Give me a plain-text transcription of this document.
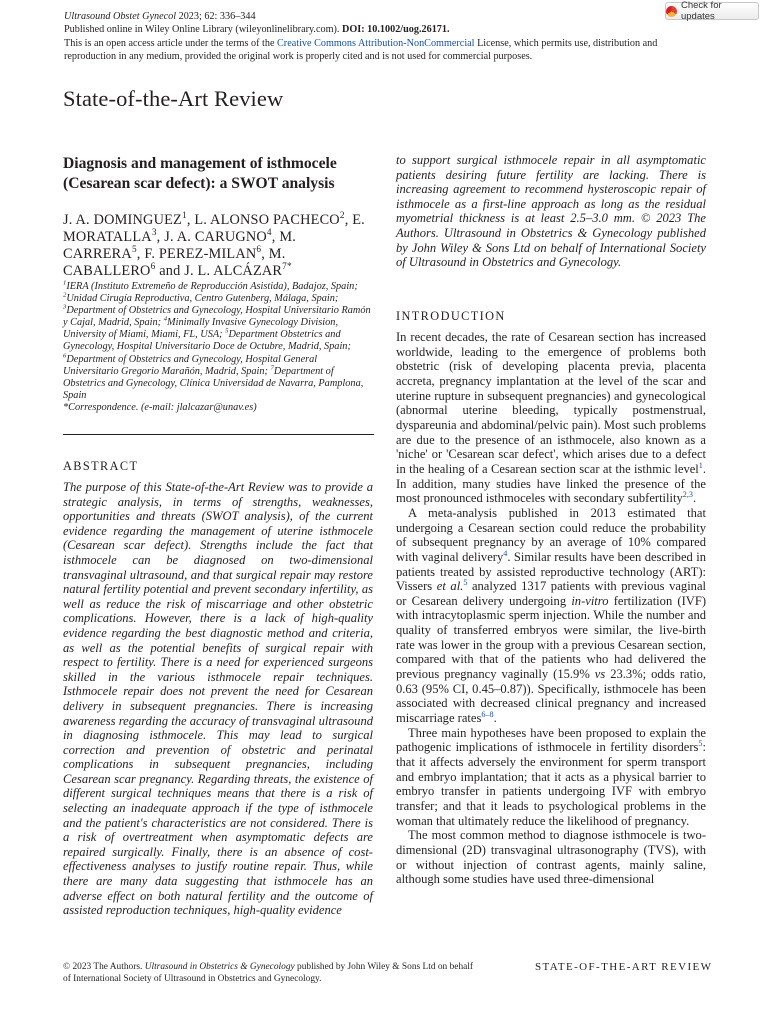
Ultrasound Obstet Gynecol 2023; 62: 336–344
Published online in Wiley Online Library (wileyonlinelibrary.com). DOI: 10.1002/uog.26171.
This is an open access article under the terms of the Creative Commons Attribution-NonCommercial License, which permits use, distribution and reproduction in any medium, provided the original work is properly cited and is not used for commercial purposes.
Check for updates
State-of-the-Art Review
Diagnosis and management of isthmocele (Cesarean scar defect): a SWOT analysis
J. A. DOMINGUEZ$^1$, L. ALONSO PACHECO$^2$, E. MORATALLA$^3$, J. A. CARUGNO$^4$, M. CARRERA$^5$, F. PEREZ-MILAN$^6$, M. CABALLERO$^6$ and J. L. $ALCÁZAR^{7*}$
$^1$IERA (Instituto Extremeño de Reproducción Asistida), Badajoz, Spain; $^2$Unidad Cirugía Reproductiva, Centro Gutenberg, Málaga, Spain; $^3$Department of Obstetrics and Gynecology, Hospital Universitario Ramón y Cajal, Madrid, Spain; $^4$Minimally Invasive Gynecology Division, University of Miami, Miami, FL, USA; $^5$Department Obstetrics and Gynecology, Hospital Universitario Doce de Octubre, Madrid, Spain; $^6$Department of Obstetrics and Gynecology, Hospital General Universitario Gregorio Marañón, Madrid, Spain; $^7$Department of Obstetrics and Gynecology, Clínica Universidad de Navarra, Pamplona, Spain
*Correspondence. (e-mail: jlalcazar@unav.es)
ABSTRACT
The purpose of this State-of-the-Art Review was to provide a strategic analysis, in terms of strengths, weaknesses, opportunities and threats (SWOT analysis), of the current evidence regarding the management of uterine isthmocele (Cesarean scar defect). Strengths include the fact that isthmocele can be diagnosed on two-dimensional transvaginal ultrasound, and that surgical repair may restore natural fertility potential and prevent secondary infertility, as well as reduce the risk of miscarriage and other obstetric complications. However, there is a lack of high-quality evidence regarding the best diagnostic method and criteria, as well as the potential benefits of surgical repair with respect to fertility. There is a need for experienced surgeons skilled in the various isthmocele repair techniques. Isthmocele repair does not prevent the need for Cesarean delivery in subsequent pregnancies. There is increasing awareness regarding the accuracy of transvaginal ultrasound in diagnosing isthmocele. This may lead to surgical correction and prevention of obstetric and perinatal complications in subsequent pregnancies, including Cesarean scar pregnancy. Regarding threats, the existence of different surgical techniques means that there is a risk of selecting an inadequate approach if the type of isthmocele and the patient's characteristics are not considered. There is a risk of overtreatment when asymptomatic defects are repaired surgically. Finally, there is an absence of cost-effectiveness analyses to justify routine repair. Thus, while there are many data suggesting that isthmocele has an adverse effect on both natural fertility and the outcome of assisted reproduction techniques, high-quality evidence
to support surgical isthmocele repair in all asymptomatic patients desiring future fertility are lacking. There is increasing agreement to recommend hysteroscopic repair of isthmocele as a first-line approach as long as the residual myometrial thickness is at least 2.5–3.0 mm. © 2023 The Authors. Ultrasound in Obstetrics & Gynecology published by John Wiley & Sons Ltd on behalf of International Society of Ultrasound in Obstetrics and Gynecology.
INTRODUCTION

In recent decades, the rate of Cesarean section has increased worldwide, leading to the emergence of problems both obstetric (risk of developing placenta previa, placenta accreta, pregnancy implantation at the level of the scar and uterine rupture in subsequent pregnancies) and gynecological (abnormal uterine bleeding, typically postmenstrual, dyspareunia and abdominal/pelvic pain). Most such problems are due to the presence of an isthmocele, also known as a 'niche' or 'Cesarean scar defect', which arises due to a defect in the healing of a Cesarean section scar at the isthmic level$^1$. In addition, many studies have linked the presence of the most pronounced isthmoceles with secondary subfertility$^{2,3}$.

A meta-analysis published in 2013 estimated that undergoing a Cesarean section could reduce the probability of subsequent pregnancy by an average of 10% compared with vaginal delivery$^4$. Similar results have been described in patients treated by assisted reproductive technology (ART): Vissers et al.$^5$ analyzed 1317 patients with previous vaginal or Cesarean delivery undergoing in-vitro fertilization (IVF) with intracytoplasmic sperm injection. While the number and quality of transferred embryos were similar, the live-birth rate was lower in the group with a previous Cesarean section, compared with that of the patients who had delivered the previous pregnancy vaginally (15.9% vs 23.3%; odds ratio, 0.63 (95% CI, 0.45–0.87)). Specifically, isthmocele has been associated with decreased clinical pregnancy and increased miscarriage rates$^{6-8}$.

Three main hypotheses have been proposed to explain the pathogenic implications of isthmocele in fertility disorders$^5$: that it affects adversely the environment for sperm transport and embryo implantation; that it acts as a physical barrier to embryo transfer in patients undergoing IVF with embryo transfer; and that it leads to psychological problems in the woman that ultimately reduce the likelihood of pregnancy.

The most common method to diagnose isthmocele is two-dimensional (2D) transvaginal ultrasonography (TVS), with or without injection of contrast agents, mainly saline, although some studies have used three-dimensional

© 2023 The Authors. Ultrasound in Obstetrics & Gynecology published by John Wiley & Sons Ltd on behalf of International Society of Ultrasound in Obstetrics and Gynecology.
STATE-OF-THE-ART REVIEW
